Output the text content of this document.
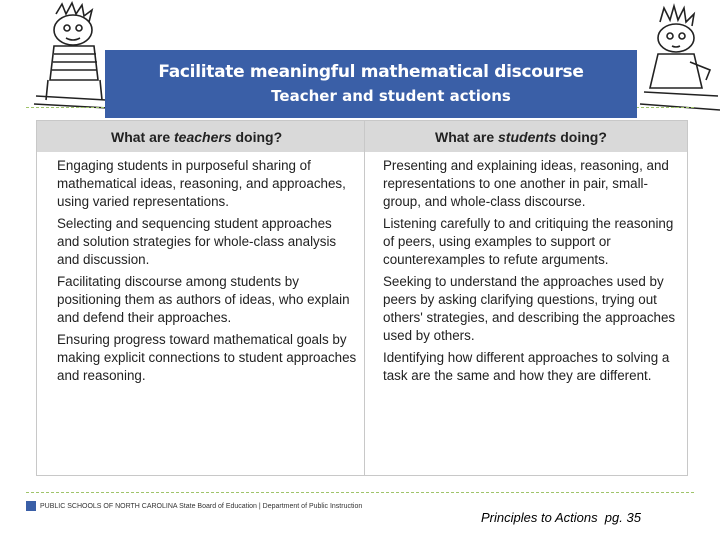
Facilitate meaningful mathematical discourse
Teacher and student actions
What are teachers doing?	What are students doing?
Engaging students in purposeful sharing of mathematical ideas, reasoning, and approaches, using varied representations.
Selecting and sequencing student approaches and solution strategies for whole-class analysis and discussion.
Facilitating discourse among students by positioning them as authors of ideas, who explain and defend their approaches.
Ensuring progress toward mathematical goals by making explicit connections to student approaches and reasoning.
Presenting and explaining ideas, reasoning, and representations to one another in pair, small-group, and whole-class discourse.
Listening carefully to and critiquing the reasoning of peers, using examples to support or counterexamples to refute arguments.
Seeking to understand the approaches used by peers by asking clarifying questions, trying out others' strategies, and describing the approaches used by others.
Identifying how different approaches to solving a task are the same and how they are different.
PUBLIC SCHOOLS OF NORTH CAROLINA State Board of Education | Department of Public Instruction
Principles to Actions  pg. 35
